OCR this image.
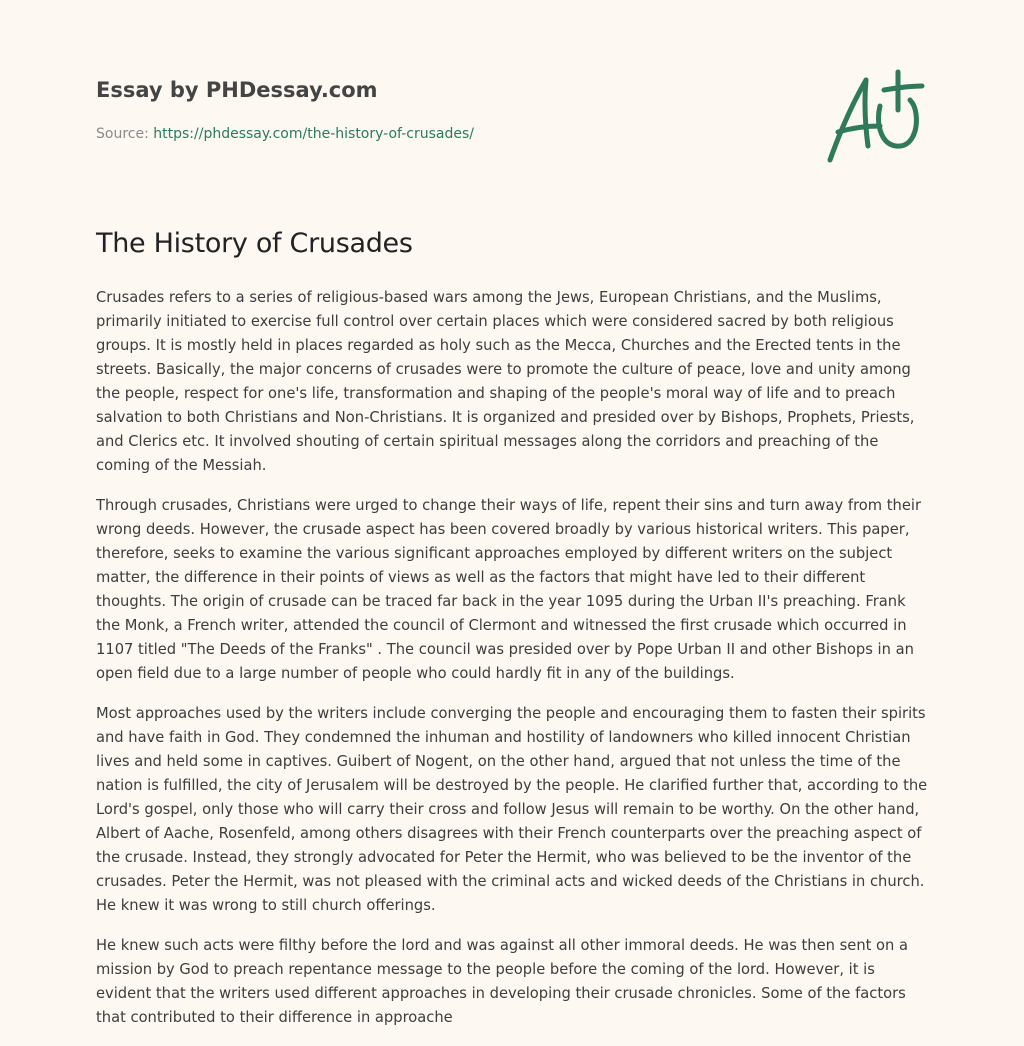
Essay by PHDessay.com
Source: https://phdessay.com/the-history-of-crusades/
The History of Crusades

Crusades refers to a series of religious-based wars among the Jews, European Christians, and the Muslims, primarily initiated to exercise full control over certain places which were considered sacred by both religious groups. It is mostly held in places regarded as holy such as the Mecca, Churches and the Erected tents in the streets. Basically, the major concerns of crusades were to promote the culture of peace, love and unity among the people, respect for one's life, transformation and shaping of the people's moral way of life and to preach salvation to both Christians and Non-Christians. It is organized and presided over by Bishops, Prophets, Priests, and Clerics etc. It involved shouting of certain spiritual messages along the corridors and preaching of the coming of the Messiah.

Through crusades, Christians were urged to change their ways of life, repent their sins and turn away from their wrong deeds. However, the crusade aspect has been covered broadly by various historical writers. This paper, therefore, seeks to examine the various significant approaches employed by different writers on the subject matter, the difference in their points of views as well as the factors that might have led to their different thoughts. The origin of crusade can be traced far back in the year 1095 during the Urban II's preaching. Frank the Monk, a French writer, attended the council of Clermont and witnessed the first crusade which occurred in 1107 titled "The Deeds of the Franks" . The council was presided over by Pope Urban II and other Bishops in an open field due to a large number of people who could hardly fit in any of the buildings.

Most approaches used by the writers include converging the people and encouraging them to fasten their spirits and have faith in God. They condemned the inhuman and hostility of landowners who killed innocent Christian lives and held some in captives. Guibert of Nogent, on the other hand, argued that not unless the time of the nation is fulfilled, the city of Jerusalem will be destroyed by the people. He clarified further that, according to the Lord's gospel, only those who will carry their cross and follow Jesus will remain to be worthy. On the other hand, Albert of Aache, Rosenfeld, among others disagrees with their French counterparts over the preaching aspect of the crusade. Instead, they strongly advocated for Peter the Hermit, who was believed to be the inventor of the crusades. Peter the Hermit, was not pleased with the criminal acts and wicked deeds of the Christians in church. He knew it was wrong to still church offerings.

He knew such acts were filthy before the lord and was against all other immoral deeds. He was then sent on a mission by God to preach repentance message to the people before the coming of the lord. However, it is evident that the writers used different approaches in developing their crusade chronicles. Some of the factors that contributed to their difference in approache
